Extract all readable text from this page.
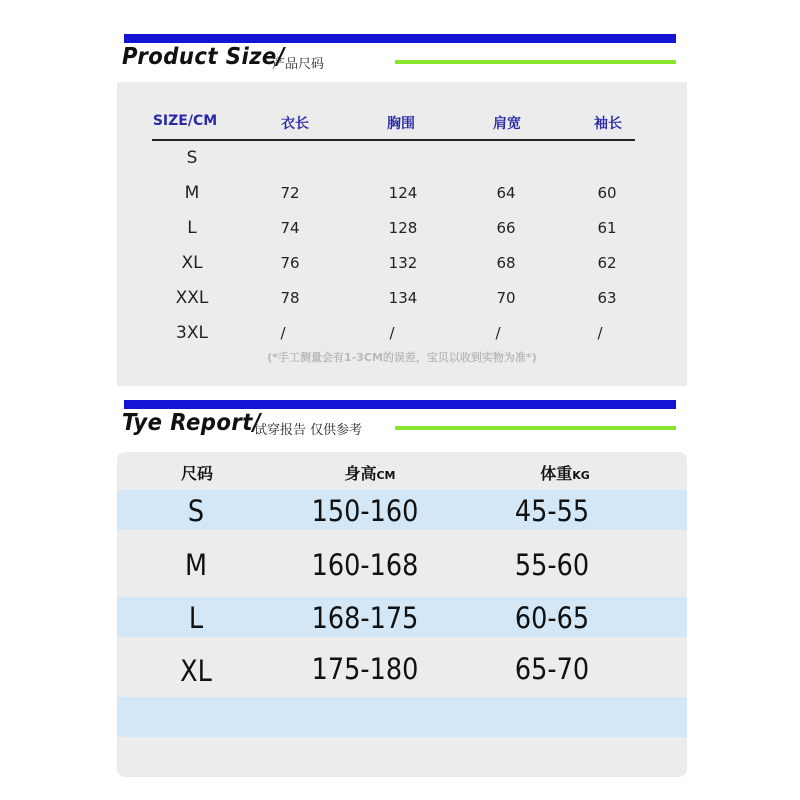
Product Size/
产品尺码
SIZE/CM	衣长	胸围	肩宽	袖长
S
M	72	124	64	60
L	74	128	66	61
XL	76	132	68	62
XXL	78	134	70	63
3XL	/	/	/	/
(*手工测量会有1-3CM的误差，宝贝以收到实物为准*)
Tye Report/
试穿报告 仅供参考
尺码	身高CM	体重KG
S	150-160	45-55
M	160-168	55-60
L	168-175	60-65
XL	175-180	65-70
